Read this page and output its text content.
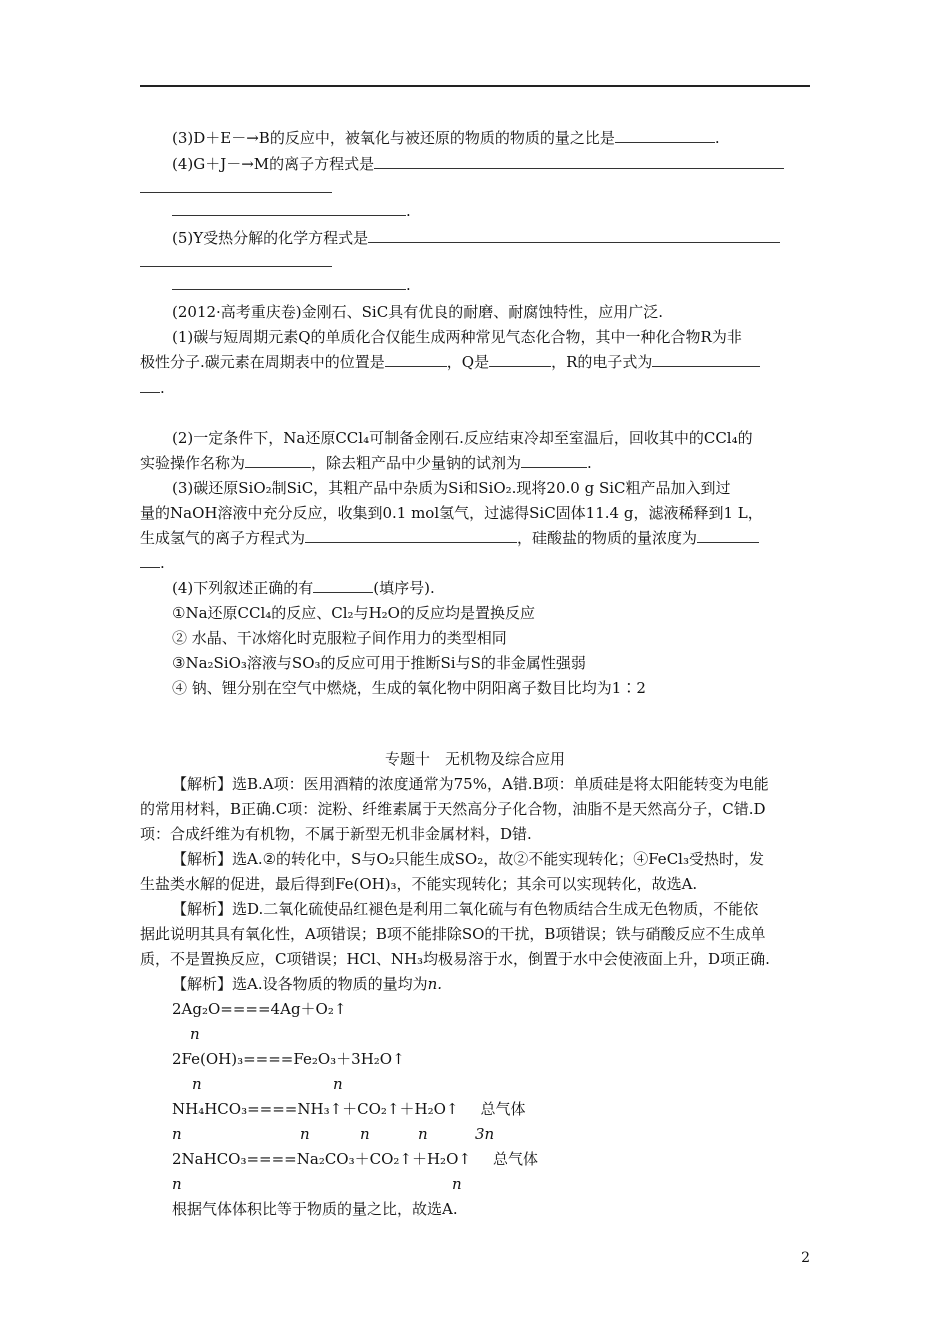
(3)D＋E－→B的反应中，被氧化与被还原的物质的物质的量之比是	.
(4)G＋J－→M的离子方程式是
.
(5)Y受热分解的化学方程式是
.
(2012·高考重庆卷)金刚石、SiC具有优良的耐磨、耐腐蚀特性，应用广泛.
(1)碳与短周期元素Q的单质化合仅能生成两种常见气态化合物，其中一种化合物R为非
极性分子.碳元素在周期表中的位置是	，Q是	，R的电子式为
.
(2)一定条件下，Na还原CCl₄可制备金刚石.反应结束冷却至室温后，回收其中的CCl₄的
实验操作名称为	，除去粗产品中少量钠的试剂为	.
(3)碳还原SiO₂制SiC，其粗产品中杂质为Si和SiO₂.现将20.0 g SiC粗产品加入到过
量的NaOH溶液中充分反应，收集到0.1 mol氢气，过滤得SiC固体11.4 g，滤液稀释到1 L，
生成氢气的离子方程式为	，硅酸盐的物质的量浓度为
.
(4)下列叙述正确的有	(填序号).
①Na还原CCl₄的反应、Cl₂与H₂O的反应均是置换反应
② 水晶、干冰熔化时克服粒子间作用力的类型相同
③Na₂SiO₃溶液与SO₃的反应可用于推断Si与S的非金属性强弱
④ 钠、锂分别在空气中燃烧，生成的氧化物中阴阳离子数目比均为1∶2
专题十　无机物及综合应用
【解析】选B.A项：医用酒精的浓度通常为75%，A错.B项：单质硅是将太阳能转变为电能
的常用材料，B正确.C项：淀粉、纤维素属于天然高分子化合物，油脂不是天然高分子，C错.D
项：合成纤维为有机物，不属于新型无机非金属材料，D错.
【解析】选A.②的转化中，S与O₂只能生成SO₂，故②不能实现转化；④FeCl₃受热时，发
生盐类水解的促进，最后得到Fe(OH)₃，不能实现转化；其余可以实现转化，故选A.
【解析】选D.二氧化硫使品红褪色是利用二氧化硫与有色物质结合生成无色物质，不能依
据此说明其具有氧化性，A项错误；B项不能排除SO的干扰，B项错误；铁与硝酸反应不生成单
质，不是置换反应，C项错误；HCl、NH₃均极易溶于水，倒置于水中会使液面上升，D项正确.
【解析】选A.设各物质的物质的量均为n.
2Ag₂O====4Ag＋O₂↑
n
2Fe(OH)₃====Fe₂O₃＋3H₂O↑
n	n
NH₄HCO₃====NH₃↑＋CO₂↑＋H₂O↑ 总气体
n	n	n	n	3n
2NaHCO₃====Na₂CO₃＋CO₂↑＋H₂O↑ 总气体
n	n
根据气体体积比等于物质的量之比，故选A.
2
